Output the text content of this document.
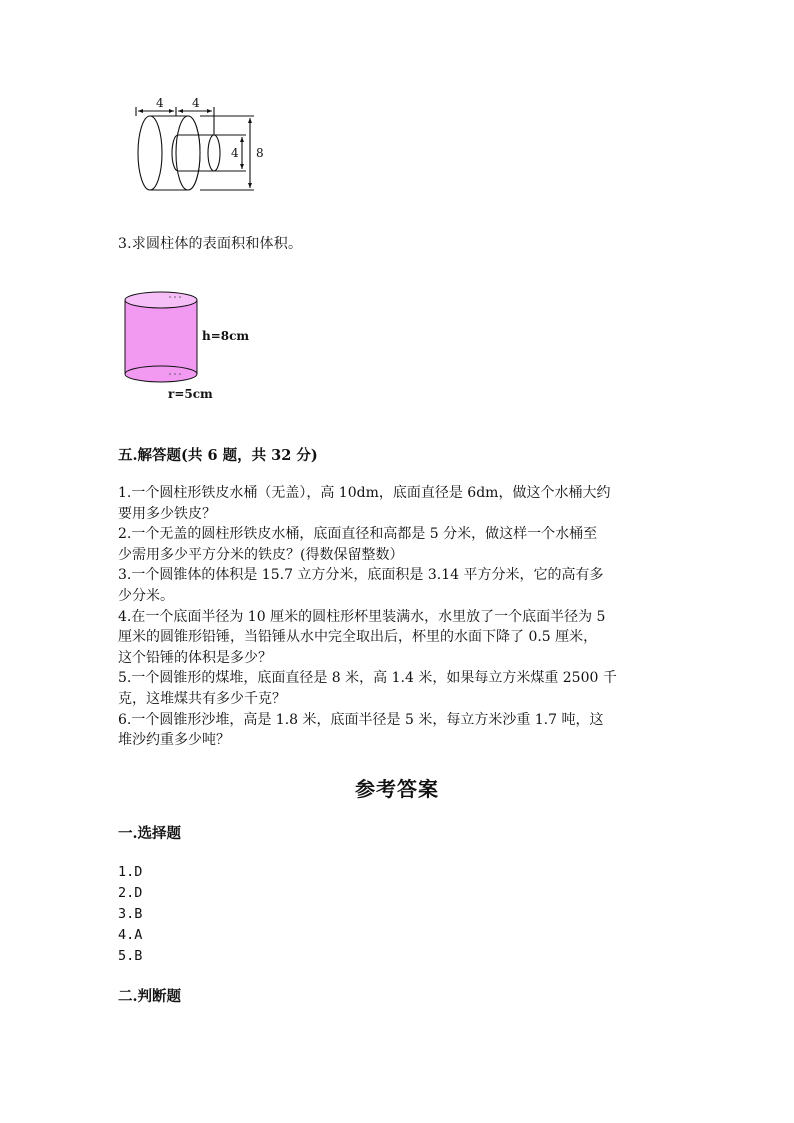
4 4
4 8
3.求圆柱体的表面积和体积。
h=8cm
r=5cm
五.解答题(共 6 题，共 32 分)
1.一个圆柱形铁皮水桶（无盖），高 10dm，底面直径是 6dm，做这个水桶大约
要用多少铁皮？
2.一个无盖的圆柱形铁皮水桶，底面直径和高都是 5 分米，做这样一个水桶至
少需用多少平方分米的铁皮？(得数保留整数）
3.一个圆锥体的体积是 15.7 立方分米，底面积是 3.14 平方分米，它的高有多
少分米。
4.在一个底面半径为 10 厘米的圆柱形杯里装满水，水里放了一个底面半径为 5
厘米的圆锥形铅锤，当铅锤从水中完全取出后，杯里的水面下降了 0.5 厘米，
这个铅锤的体积是多少？
5.一个圆锥形的煤堆，底面直径是 8 米，高 1.4 米，如果每立方米煤重 2500 千
克，这堆煤共有多少千克？
6.一个圆锥形沙堆，高是 1.8 米，底面半径是 5 米，每立方米沙重 1.7 吨，这
堆沙约重多少吨？
参考答案
一.选择题
1.D
2.D
3.B
4.A
5.B
二.判断题
